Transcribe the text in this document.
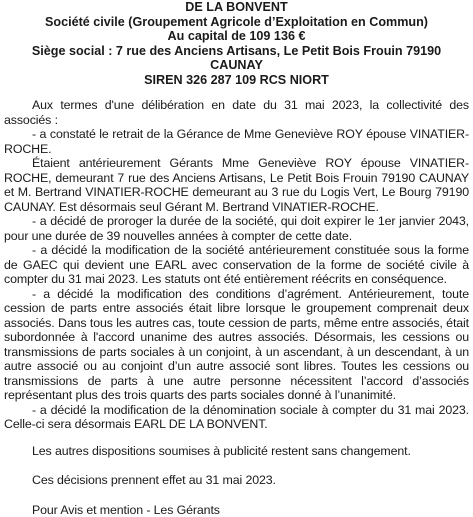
DE LA BONVENT
Société civile (Groupement Agricole d’Exploitation en Commun)
Au capital de 109 136 €
Siège social : 7 rue des Anciens Artisans, Le Petit Bois Frouin 79190
CAUNAY
SIREN 326 287 109 RCS NIORT

Aux termes d'une délibération en date du 31 mai 2023, la collectivité des associés :

- a constaté le retrait de la Gérance de Mme Geneviève ROY épouse VINATIER-ROCHE.

Étaient antérieurement Gérants Mme Geneviève ROY épouse VINATIER-ROCHE, demeurant 7 rue des Anciens Artisans, Le Petit Bois Frouin 79190 CAUNAY et M. Bertrand VINATIER-ROCHE demeurant au 3 rue du Logis Vert, Le Bourg 79190 CAUNAY. Est désormais seul Gérant M. Bertrand VINATIER-ROCHE.

- a décidé de proroger la durée de la société, qui doit expirer le 1er janvier 2043, pour une durée de 39 nouvelles années à compter de cette date.

- a décidé la modification de la société antérieurement constituée sous la forme de GAEC qui devient une EARL avec conservation de la forme de société civile à compter du 31 mai 2023. Les statuts ont été entièrement réécrits en conséquence.

- a décidé la modification des conditions d’agrément. Antérieurement, toute cession de parts entre associés était libre lorsque le groupement comprenait deux associés. Dans tous les autres cas, toute cession de parts, même entre associés, était subordonnée à l'accord unanime des autres associés. Désormais, les cessions ou transmissions de parts sociales à un conjoint, à un ascendant, à un descendant, à un autre associé ou au conjoint d’un autre associé sont libres. Toutes les cessions ou transmissions de parts à une autre personne nécessitent l’accord d’associés représentant plus des trois quarts des parts sociales donné à l’unanimité.

- a décidé la modification de la dénomination sociale à compter du 31 mai 2023. Celle-ci sera désormais EARL DE LA BONVENT.

Les autres dispositions soumises à publicité restent sans changement.

Ces décisions prennent effet au 31 mai 2023.

Pour Avis et mention - Les Gérants
